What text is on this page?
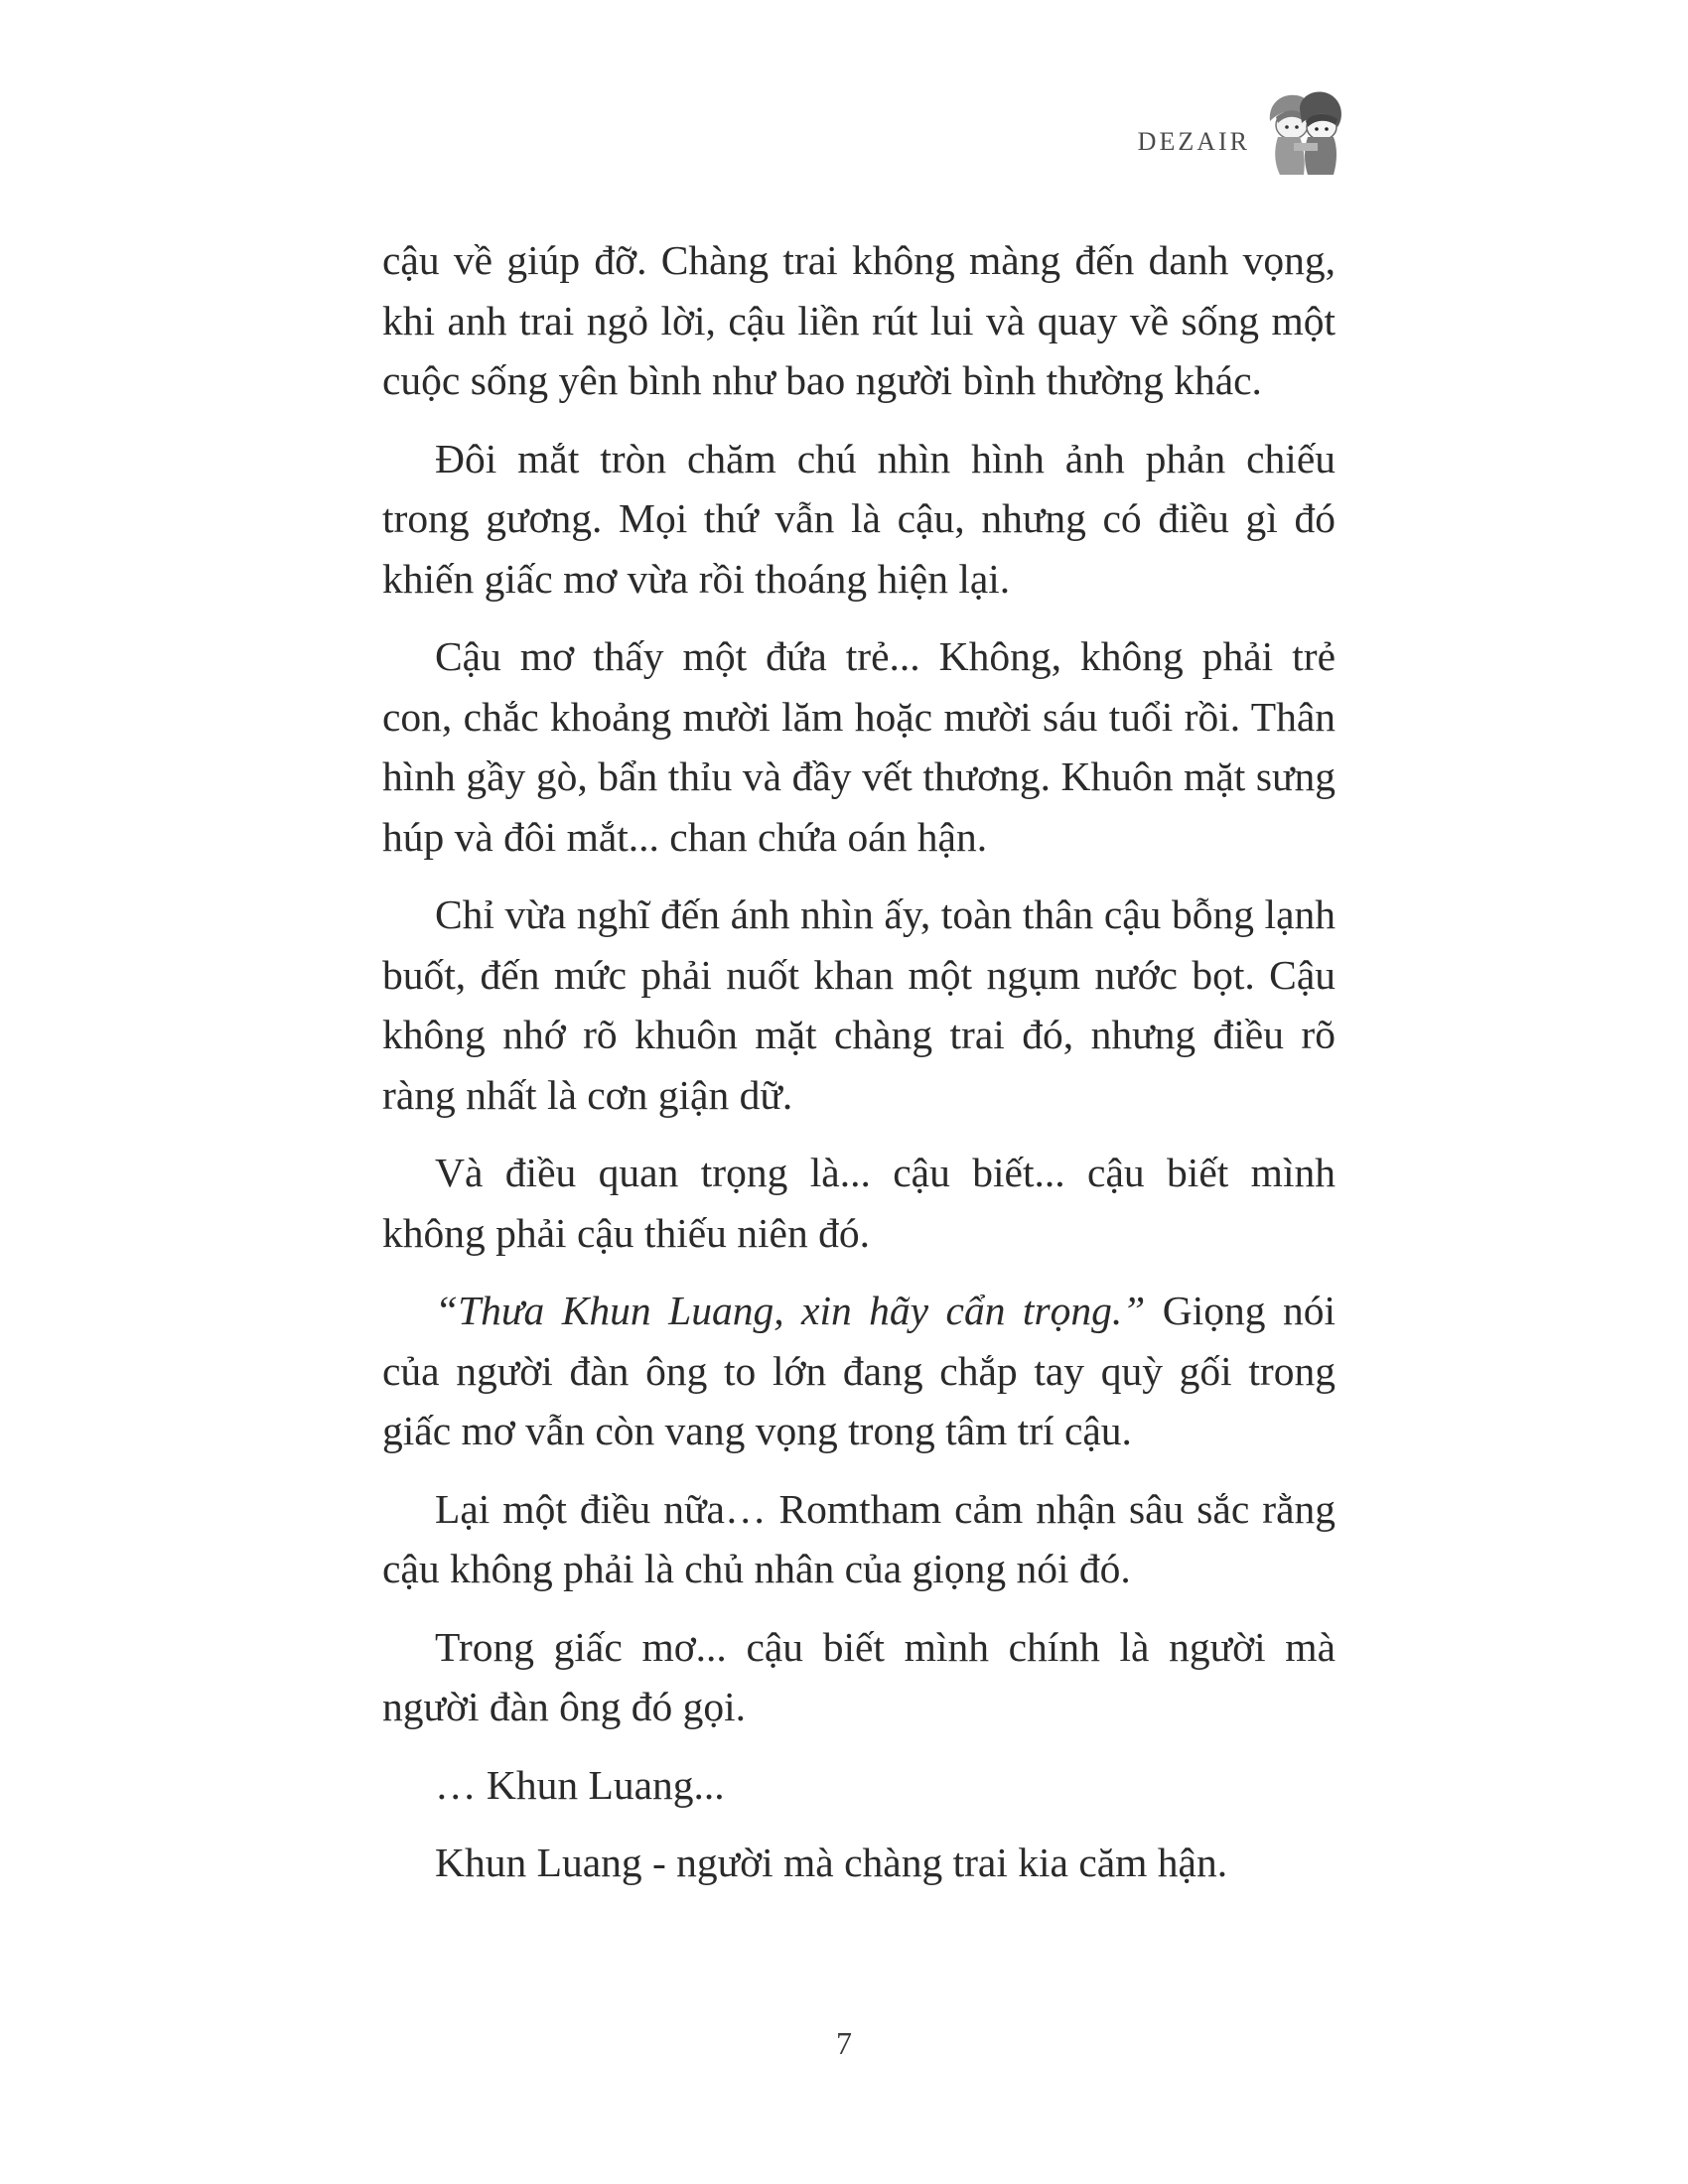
DEZAIR

cậu về giúp đỡ. Chàng trai không màng đến danh vọng, khi anh trai ngỏ lời, cậu liền rút lui và quay về sống một cuộc sống yên bình như bao người bình thường khác.

Đôi mắt tròn chăm chú nhìn hình ảnh phản chiếu trong gương. Mọi thứ vẫn là cậu, nhưng có điều gì đó khiến giấc mơ vừa rồi thoáng hiện lại.

Cậu mơ thấy một đứa trẻ... Không, không phải trẻ con, chắc khoảng mười lăm hoặc mười sáu tuổi rồi. Thân hình gầy gò, bẩn thỉu và đầy vết thương. Khuôn mặt sưng húp và đôi mắt... chan chứa oán hận.

Chỉ vừa nghĩ đến ánh nhìn ấy, toàn thân cậu bỗng lạnh buốt, đến mức phải nuốt khan một ngụm nước bọt. Cậu không nhớ rõ khuôn mặt chàng trai đó, nhưng điều rõ ràng nhất là cơn giận dữ.

Và điều quan trọng là... cậu biết... cậu biết mình không phải cậu thiếu niên đó.

“Thưa Khun Luang, xin hãy cẩn trọng.” Giọng nói của người đàn ông to lớn đang chắp tay quỳ gối trong giấc mơ vẫn còn vang vọng trong tâm trí cậu.

Lại một điều nữa… Romtham cảm nhận sâu sắc rằng cậu không phải là chủ nhân của giọng nói đó.

Trong giấc mơ... cậu biết mình chính là người mà người đàn ông đó gọi.

… Khun Luang...

Khun Luang - người mà chàng trai kia căm hận.

7
